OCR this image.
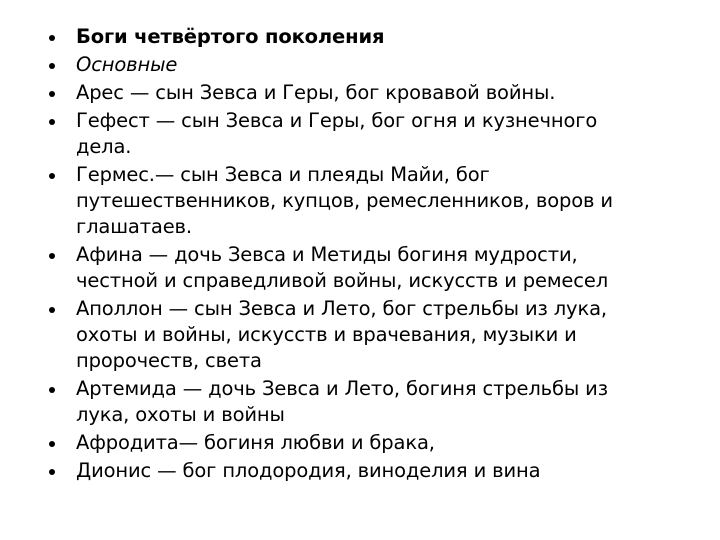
Боги четвёртого поколения
Основные
Арес — сын Зевса и Геры, бог кровавой войны.
Гефест — сын Зевса и Геры, бог огня и кузнечного
дела.
Гермес.— сын Зевса и плеяды Майи, бог
путешественников, купцов, ремесленников, воров и
глашатаев.
Афина — дочь Зевса и Метиды богиня мудрости,
честной и справедливой войны, искусств и ремесел
Аполлон — сын Зевса и Лето, бог стрельбы из лука,
охоты и войны, искусств и врачевания, музыки и
пророчеств, света
Артемида — дочь Зевса и Лето, богиня стрельбы из
лука, охоты и войны
Афродита— богиня любви и брака,
Дионис — бог плодородия, виноделия и вина
